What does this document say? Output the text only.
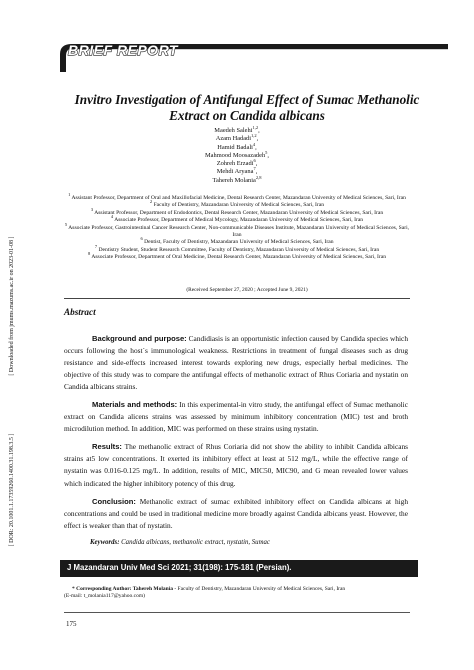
BRIEF REPORT
Invitro Investigation of Antifungal Effect of Sumac Methanolic
Extract on Candida albicans
Maedeh Salehi$^{1,2}$,
Azam Hadadi$^{1,2}$,
Hamid Badali$^4$,
Mahmood Moosazadeh$^5$,
Zohreh Erzadi$^6$,
Mehdi Aryana$^7$,
Tahereh Molania$^{2,8}$

$^1$ Assistant Professor, Department of Oral and Maxillofacial Medicine, Dental Research Center, Mazandaran University of Medical Sciences, Sari, Iran

$^2$ Faculty of Dentistry, Mazandaran University of Medical Sciences, Sari, Iran

$^3$ Assistant Professor, Department of Endodontics, Dental Research Center, Mazandaran University of Medical Sciences, Sari, Iran

$^4$ Associate Professor, Department of Medical Mycology, Mazandaran University of Medical Sciences, Sari, Iran

$^5$ Associate Professor, Gastrointestinal Cancer Research Center, Non-communicable Diseases Institute, Mazandaran University of Medical Sciences, Sari, Iran

$^6$ Dentist, Faculty of Dentistry, Mazandaran University of Medical Sciences, Sari, Iran

$^7$ Dentistry Student, Student Research Committee, Faculty of Dentistry, Mazandaran University of Medical Sciences, Sari, Iran

$^8$ Associate Professor, Department of Oral Medicine, Dental Research Center, Mazandaran University of Medical Sciences, Sari, Iran

(Received September 27, 2020 ; Accepted June 9, 2021)
Abstract

Background and purpose: Candidiasis is an opportunistic infection caused by Candida species which occurs following the host´s immunological weakness. Restrictions in treatment of fungal diseases such as drug resistance and side-effects increased interest towards exploring new drugs, especially herbal medicines. The objective of this study was to compare the antifungal effects of methanolic extract of Rhus Coriaria and nystatin on Candida albicans strains.

Materials and methods: In this experimental-in vitro study, the antifungal effect of Sumac methanolic extract on Candida alicens strains was assessed by minimum inhibitory concentration (MIC) test and broth microdilution method. In addition, MIC was performed on these strains using nystatin.

Results: The methanolic extract of Rhus Coriaria did not show the ability to inhibit Candida albicans strains at5 low concentrations. It exerted its inhibitory effect at least at 512 mg/L, while the effective range of nystatin was 0.016-0.125 mg/L. In addition, results of MIC, MIC50, MIC90, and G mean revealed lower values which indicated the higher inhibitory potency of this drug.

Conclusion: Methanolic extract of sumac exhibited inhibitory effect on Candida albicans at high concentrations and could be used in traditional medicine more broadly against Candida albicans yeast. However, the effect is weaker than that of nystatin.

Keywords: Candida albicans, methanolic extract, nystatin, Sumac
J Mazandaran Univ Med Sci 2021; 31(198): 175-181 (Persian).
* Corresponding Author: Tahereh Molania - Faculty of Dentistry, Mazandaran University of Medical Sciences, Sari, Iran
(E-mail: t_molania117@yahoo.com)
175
[ Downloaded from jmums.mazums.ac.ir on 2023-01-08 ]
[ DOR: 20.1001.1.17359260.1400.31.198.3.5 ]
